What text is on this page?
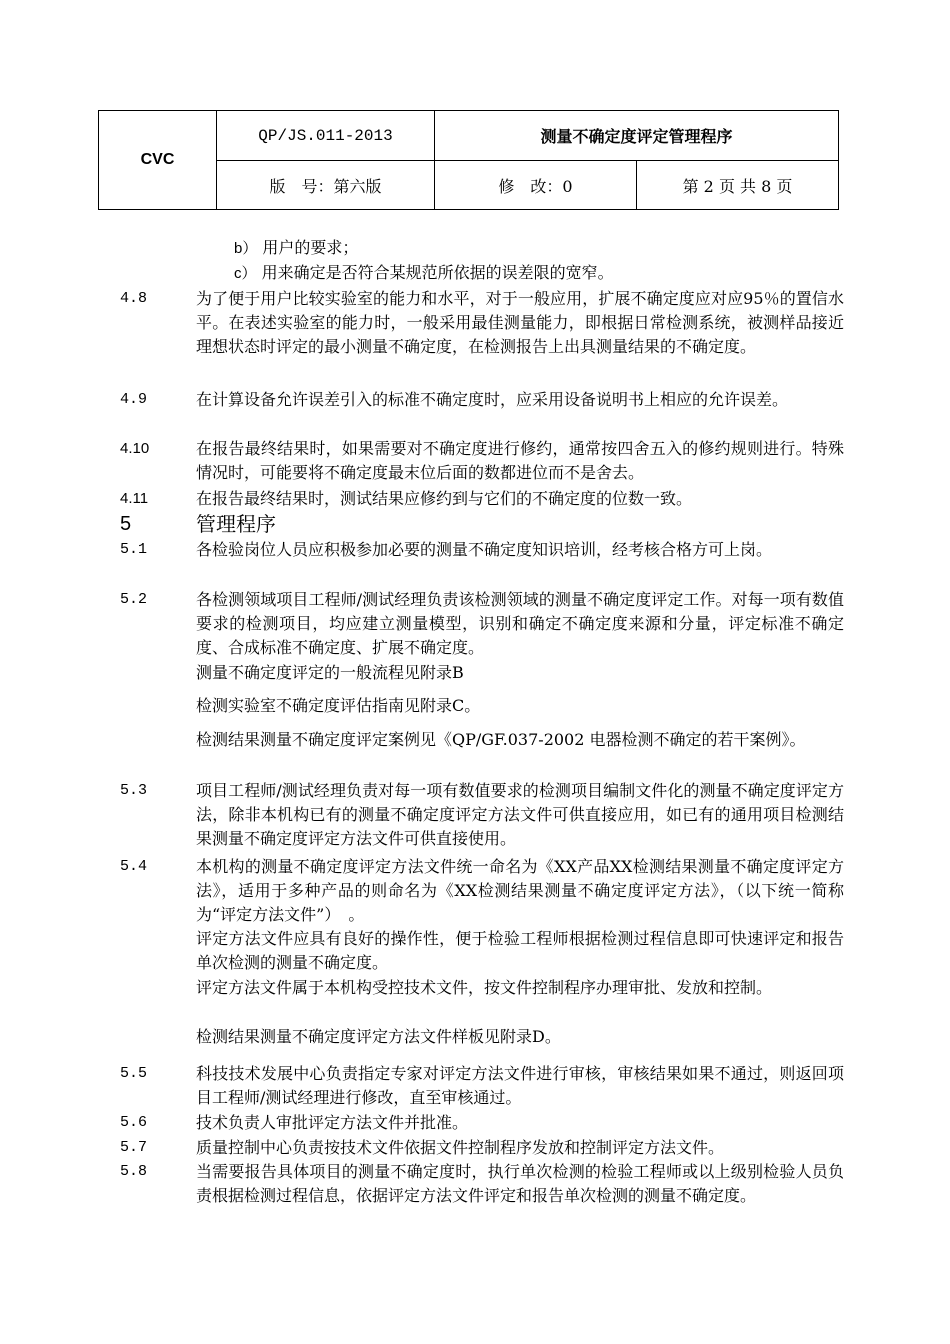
CVC	QP/JS.011-2013	测量不确定度评定管理程序	
	版　号：第六版	修　改：0	第 2 页 共 8 页
b） 用户的要求；
c） 用来确定是否符合某规范所依据的误差限的宽窄。
4.8	为了便于用户比较实验室的能力和水平，对于一般应用，扩展不确定度应对应95％的置信水平。在表述实验室的能力时，一般采用最佳测量能力，即根据日常检测系统，被测样品接近理想状态时评定的最小测量不确定度，在检测报告上出具测量结果的不确定度。
4.9	在计算设备允许误差引入的标准不确定度时，应采用设备说明书上相应的允许误差。
4.10	在报告最终结果时，如果需要对不确定度进行修约，通常按四舍五入的修约规则进行。特殊情况时，可能要将不确定度最末位后面的数都进位而不是舍去。
4.11	在报告最终结果时，测试结果应修约到与它们的不确定度的位数一致。
5	管理程序
5.1	各检验岗位人员应积极参加必要的测量不确定度知识培训，经考核合格方可上岗。
5.2	各检测领域项目工程师/测试经理负责该检测领域的测量不确定度评定工作。对每一项有数值要求的检测项目，均应建立测量模型，识别和确定不确定度来源和分量，评定标准不确定度、合成标准不确定度、扩展不确定度。
测量不确定度评定的一般流程见附录B
检测实验室不确定度评估指南见附录C。
检测结果测量不确定度评定案例见《QP/GF.037-2002 电器检测不确定的若干案例》。
5.3	项目工程师/测试经理负责对每一项有数值要求的检测项目编制文件化的测量不确定度评定方法，除非本机构已有的测量不确定度评定方法文件可供直接应用，如已有的通用项目检测结果测量不确定度评定方法文件可供直接使用。
5.4	本机构的测量不确定度评定方法文件统一命名为《XX产品XX检测结果测量不确定度评定方法》，适用于多种产品的则命名为《XX检测结果测量不确定度评定方法》，（以下统一简称为“评定方法文件”）　。
评定方法文件应具有良好的操作性，便于检验工程师根据检测过程信息即可快速评定和报告单次检测的测量不确定度。
评定方法文件属于本机构受控技术文件，按文件控制程序办理审批、发放和控制。
检测结果测量不确定度评定方法文件样板见附录D。
5.5	科技技术发展中心负责指定专家对评定方法文件进行审核，审核结果如果不通过，则返回项目工程师/测试经理进行修改，直至审核通过。
5.6	技术负责人审批评定方法文件并批准。
5.7	质量控制中心负责按技术文件依据文件控制程序发放和控制评定方法文件。
5.8	当需要报告具体项目的测量不确定度时，执行单次检测的检验工程师或以上级别检验人员负责根据检测过程信息，依据评定方法文件评定和报告单次检测的测量不确定度。
